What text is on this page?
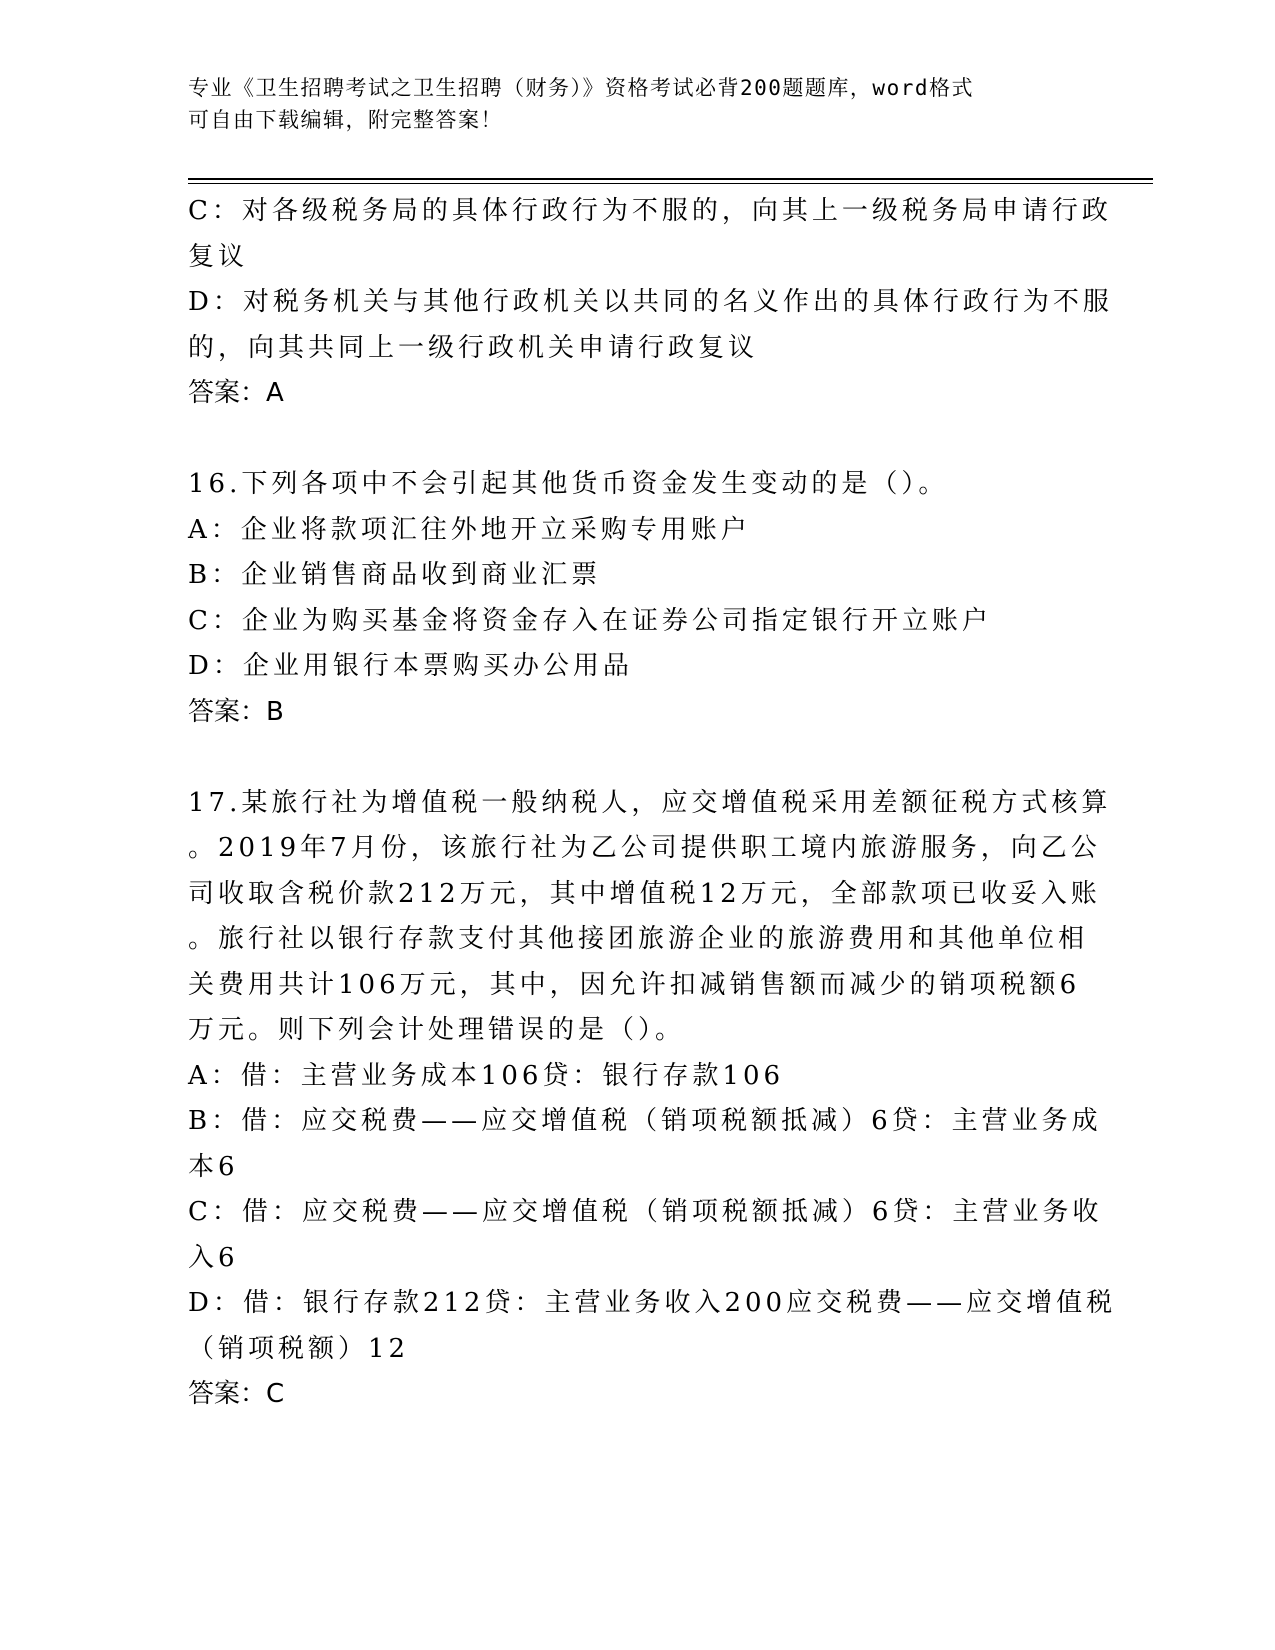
专业《卫生招聘考试之卫生招聘（财务）》资格考试必背200题题库，word格式
可自由下载编辑，附完整答案！
C：对各级税务局的具体行政行为不服的，向其上一级税务局申请行政
复议
D：对税务机关与其他行政机关以共同的名义作出的具体行政行为不服
的，向其共同上一级行政机关申请行政复议
答案：A
16.下列各项中不会引起其他货币资金发生变动的是（）。
A：企业将款项汇往外地开立采购专用账户
B：企业销售商品收到商业汇票
C：企业为购买基金将资金存入在证券公司指定银行开立账户
D：企业用银行本票购买办公用品
答案：B
17.某旅行社为增值税一般纳税人，应交增值税采用差额征税方式核算
。2019年7月份，该旅行社为乙公司提供职工境内旅游服务，向乙公
司收取含税价款212万元，其中增值税12万元，全部款项已收妥入账
。旅行社以银行存款支付其他接团旅游企业的旅游费用和其他单位相
关费用共计106万元，其中，因允许扣减销售额而减少的销项税额6
万元。则下列会计处理错误的是（）。
A：借：主营业务成本106贷：银行存款106
B：借：应交税费——应交增值税（销项税额抵减）6贷：主营业务成
本6
C：借：应交税费——应交增值税（销项税额抵减）6贷：主营业务收
入6
D：借：银行存款212贷：主营业务收入200应交税费——应交增值税
（销项税额）12
答案：C
